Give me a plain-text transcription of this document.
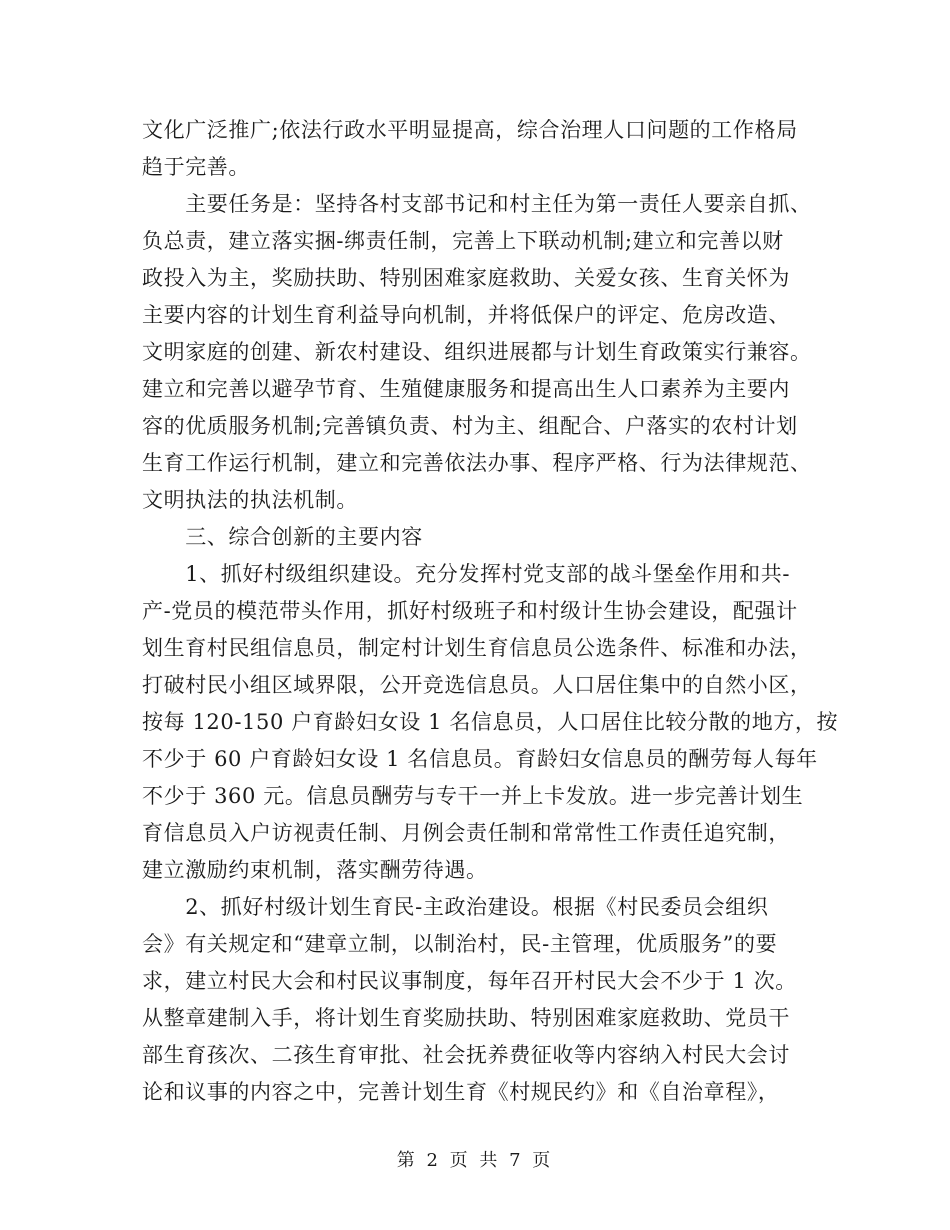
文化广泛推广;依法行政水平明显提高，综合治理人口问题的工作格局
趋于完善。
　　主要任务是：坚持各村支部书记和村主任为第一责任人要亲自抓、
负总责，建立落实捆-绑责任制，完善上下联动机制;建立和完善以财
政投入为主，奖励扶助、特别困难家庭救助、关爱女孩、生育关怀为
主要内容的计划生育利益导向机制，并将低保户的评定、危房改造、
文明家庭的创建、新农村建设、组织进展都与计划生育政策实行兼容。
建立和完善以避孕节育、生殖健康服务和提高出生人口素养为主要内
容的优质服务机制;完善镇负责、村为主、组配合、户落实的农村计划
生育工作运行机制，建立和完善依法办事、程序严格、行为法律规范、
文明执法的执法机制。
　　三、综合创新的主要内容
　　1、抓好村级组织建设。充分发挥村党支部的战斗堡垒作用和共-
产-党员的模范带头作用，抓好村级班子和村级计生协会建设，配强计
划生育村民组信息员，制定村计划生育信息员公选条件、标准和办法，
打破村民小组区域界限，公开竞选信息员。人口居住集中的自然小区，
按每 120-150 户育龄妇女设 1 名信息员，人口居住比较分散的地方，按
不少于 60 户育龄妇女设 1 名信息员。育龄妇女信息员的酬劳每人每年
不少于 360 元。信息员酬劳与专干一并上卡发放。进一步完善计划生
育信息员入户访视责任制、月例会责任制和常常性工作责任追究制，
建立激励约束机制，落实酬劳待遇。
　　2、抓好村级计划生育民-主政治建设。根据《村民委员会组织
会》有关规定和“建章立制，以制治村，民-主管理，优质服务”的要
求，建立村民大会和村民议事制度，每年召开村民大会不少于 1 次。
从整章建制入手，将计划生育奖励扶助、特别困难家庭救助、党员干
部生育孩次、二孩生育审批、社会抚养费征收等内容纳入村民大会讨
论和议事的内容之中，完善计划生育《村规民约》和《自治章程》，
第 2 页 共 7 页
